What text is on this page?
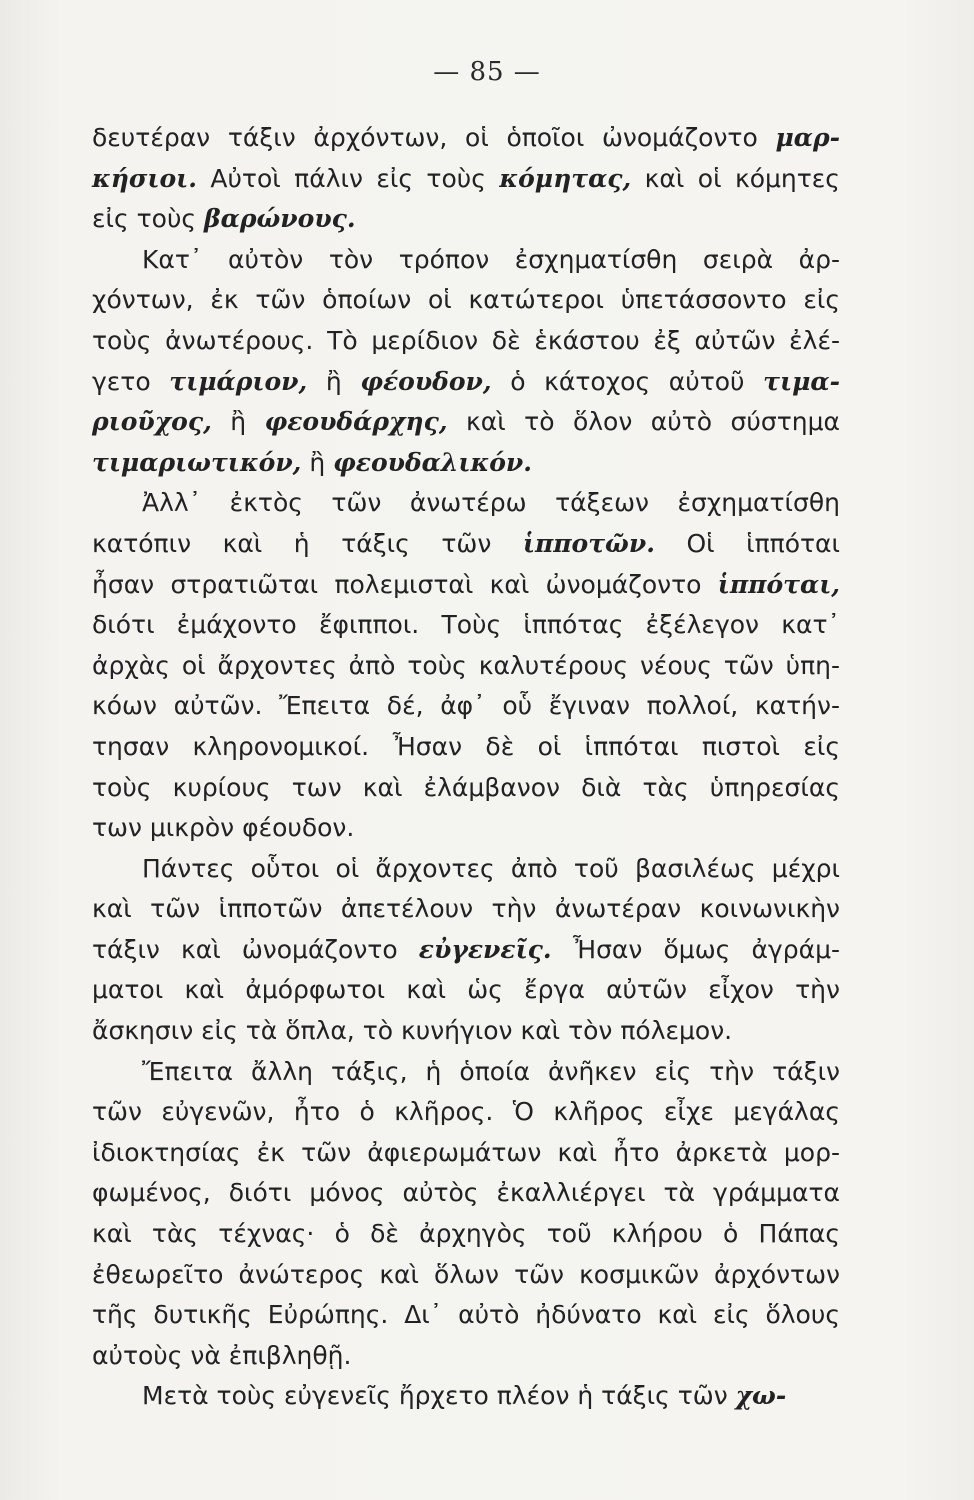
— 85 —
δευτέραν τάξιν ἀρχόντων, οἱ ὁποῖοι ὠνομάζοντο μαρ-
κήσιοι. Αὐτοὶ πάλιν εἰς τοὺς κόμητας, καὶ οἱ κόμητες
εἰς τοὺς βαρώνους.
Κατ᾽ αὐτὸν τὸν τρόπον ἐσχηματίσθη σειρὰ ἀρ-
χόντων, ἐκ τῶν ὁποίων οἱ κατώτεροι ὑπετάσσοντο εἰς
τοὺς ἀνωτέρους. Τὸ μερίδιον δὲ ἑκάστου ἐξ αὐτῶν ἐλέ-
γετο τιμάριον, ἢ φέουδον, ὁ κάτοχος αὐτοῦ τιμα-
ριοῦχος, ἢ φεουδάρχης, καὶ τὸ ὅλον αὐτὸ σύστημα
τιμαριωτικόν, ἢ φεουδαλικόν.
Ἀλλ᾽ ἐκτὸς τῶν ἀνωτέρω τάξεων ἐσχηματίσθη
κατόπιν καὶ ἡ τάξις τῶν ἱπποτῶν. Οἱ ἱππόται
ἦσαν στρατιῶται πολεμισταὶ καὶ ὠνομάζοντο ἱππόται,
διότι ἐμάχοντο ἔφιπποι. Τοὺς ἱππότας ἐξέλεγον κατ᾽
ἀρχὰς οἱ ἄρχοντες ἀπὸ τοὺς καλυτέρους νέους τῶν ὑπη-
κόων αὐτῶν. Ἔπειτα δέ, ἀφ᾽ οὗ ἔγιναν πολλοί, κατήν-
τησαν κληρονομικοί. Ἦσαν δὲ οἱ ἱππόται πιστοὶ εἰς
τοὺς κυρίους των καὶ ἐλάμβανον διὰ τὰς ὑπηρεσίας
των μικρὸν φέουδον.
Πάντες οὗτοι οἱ ἄρχοντες ἀπὸ τοῦ βασιλέως μέχρι
καὶ τῶν ἱπποτῶν ἀπετέλουν τὴν ἀνωτέραν κοινωνικὴν
τάξιν καὶ ὠνομάζοντο εὐγενεῖς. Ἦσαν ὅμως ἀγράμ-
ματοι καὶ ἀμόρφωτοι καὶ ὡς ἔργα αὐτῶν εἶχον τὴν
ἄσκησιν εἰς τὰ ὅπλα, τὸ κυνήγιον καὶ τὸν πόλεμον.
Ἔπειτα ἄλλη τάξις, ἡ ὁποία ἀνῆκεν εἰς τὴν τάξιν
τῶν εὐγενῶν, ἦτο ὁ κλῆρος. Ὁ κλῆρος εἶχε μεγάλας
ἰδιοκτησίας ἐκ τῶν ἀφιερωμάτων καὶ ἦτο ἀρκετὰ μορ-
φωμένος, διότι μόνος αὐτὸς ἐκαλλιέργει τὰ γράμματα
καὶ τὰς τέχνας· ὁ δὲ ἀρχηγὸς τοῦ κλήρου ὁ Πάπας
ἐθεωρεῖτο ἀνώτερος καὶ ὅλων τῶν κοσμικῶν ἀρχόντων
τῆς δυτικῆς Εὐρώπης. Δι᾽ αὐτὸ ἠδύνατο καὶ εἰς ὅλους
αὐτοὺς νὰ ἐπιβληθῇ.
Μετὰ τοὺς εὐγενεῖς ἤρχετο πλέον ἡ τάξις τῶν χω-
